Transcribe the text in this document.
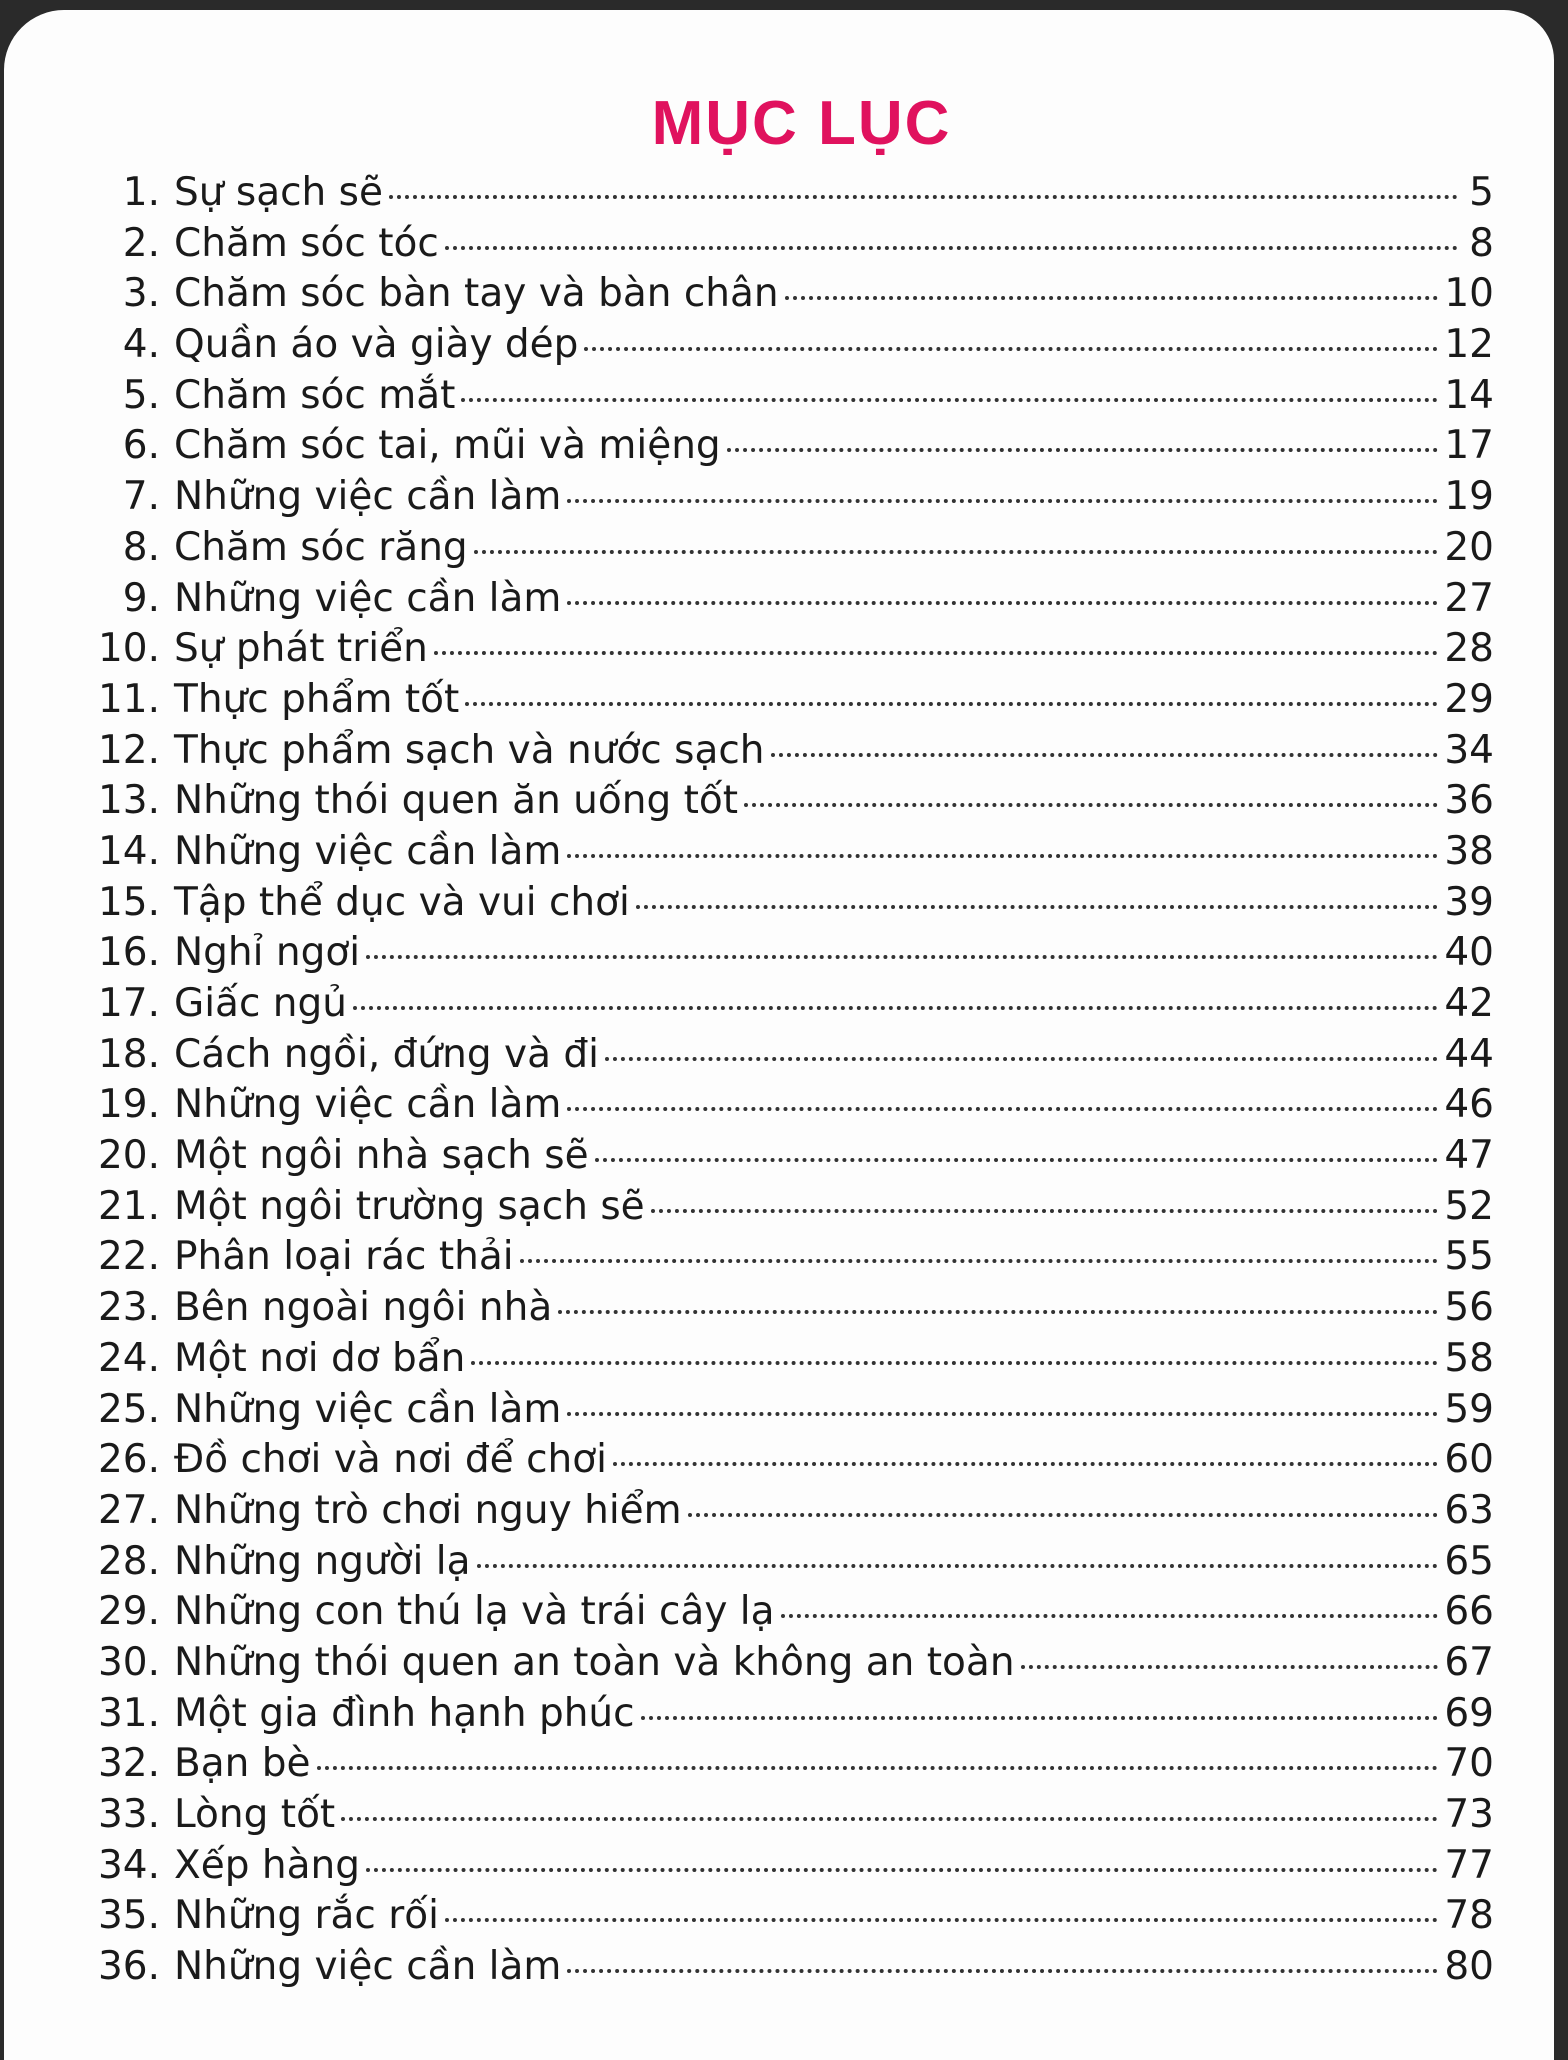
MỤC LỤC
1. Sự sạch sẽ	5
2. Chăm sóc tóc	8
3. Chăm sóc bàn tay và bàn chân	10
4. Quần áo và giày dép	12
5. Chăm sóc mắt	14
6. Chăm sóc tai, mũi và miệng	17
7. Những việc cần làm	19
8. Chăm sóc răng	20
9. Những việc cần làm	27
10. Sự phát triển	28
11. Thực phẩm tốt	29
12. Thực phẩm sạch và nước sạch	34
13. Những thói quen ăn uống tốt	36
14. Những việc cần làm	38
15. Tập thể dục và vui chơi	39
16. Nghỉ ngơi	40
17. Giấc ngủ	42
18. Cách ngồi, đứng và đi	44
19. Những việc cần làm	46
20. Một ngôi nhà sạch sẽ	47
21. Một ngôi trường sạch sẽ	52
22. Phân loại rác thải	55
23. Bên ngoài ngôi nhà	56
24. Một nơi dơ bẩn	58
25. Những việc cần làm	59
26. Đồ chơi và nơi để chơi	60
27. Những trò chơi nguy hiểm	63
28. Những người lạ	65
29. Những con thú lạ và trái cây lạ	66
30. Những thói quen an toàn và không an toàn	67
31. Một gia đình hạnh phúc	69
32. Bạn bè	70
33. Lòng tốt	73
34. Xếp hàng	77
35. Những rắc rối	78
36. Những việc cần làm	80
